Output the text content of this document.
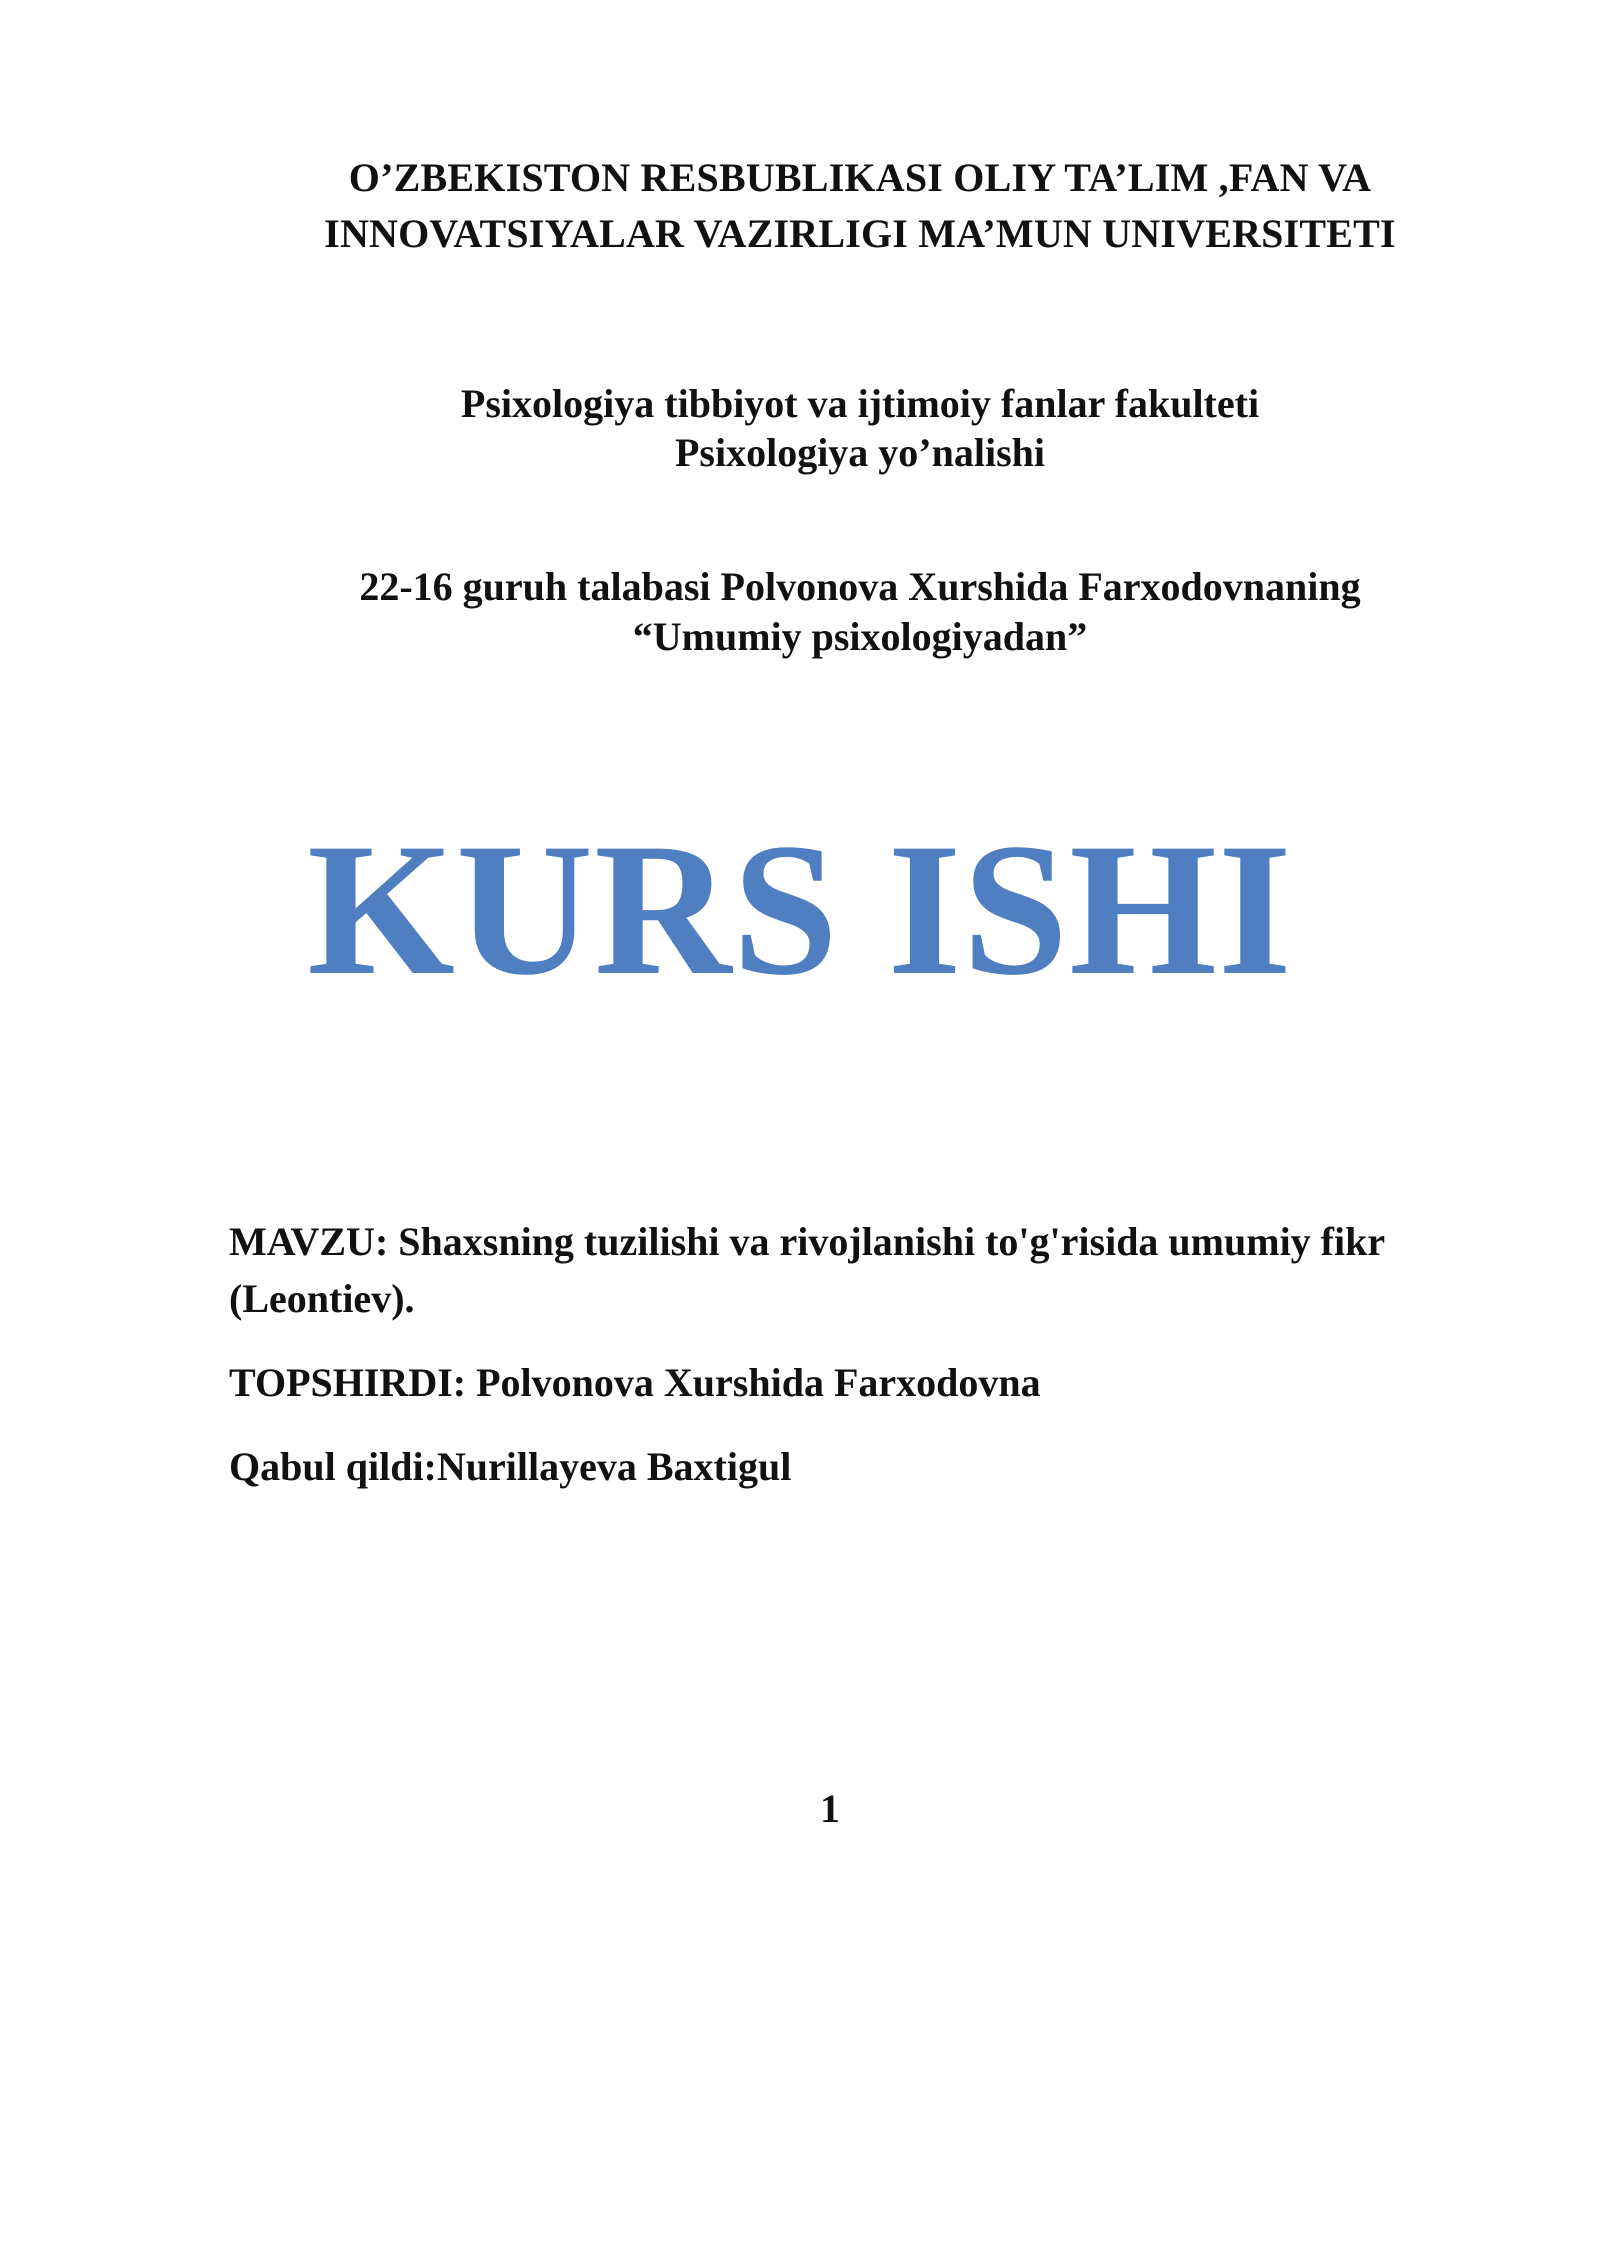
O’ZBEKISTON RESBUBLIKASI OLIY TA’LIM ,FAN VA
INNOVATSIYALAR VAZIRLIGI MA’MUN UNIVERSITETI
Psixologiya tibbiyot va ijtimoiy fanlar fakulteti
Psixologiya yo’nalishi
22-16 guruh talabasi Polvonova Xurshida Farxodovnaning
“Umumiy psixologiyadan”
KURS ISHI
MAVZU: Shaxsning tuzilishi va rivojlanishi to'g'risida umumiy fikr
(Leontiev).
TOPSHIRDI: Polvonova Xurshida Farxodovna
Qabul qildi:Nurillayeva Baxtigul
1
